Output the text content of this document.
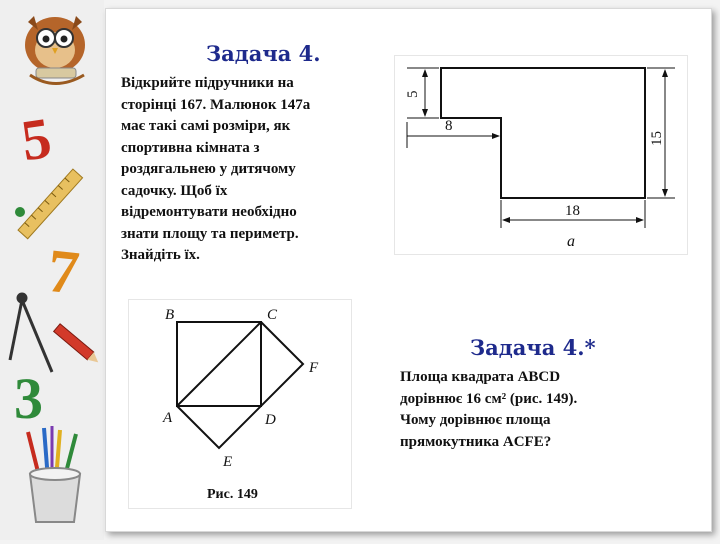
5
7
3
Задача 4.
Відкрийте підручники на
сторінці 167. Малюнок 147а
має такі самі розміри, як
спортивна кімната з
роздягальнею у дитячому
садочку. Щоб їх
відремонтувати необхідно
знати площу та периметр.
Знайдіть їх.
5
8
15
18
a
B	C
F
A	D
E
Рис. 149
Задача 4.*
Площа квадрата ABCD
дорівнює 16 см² (рис. 149).
Чому дорівнює площа
прямокутника ACFE?
